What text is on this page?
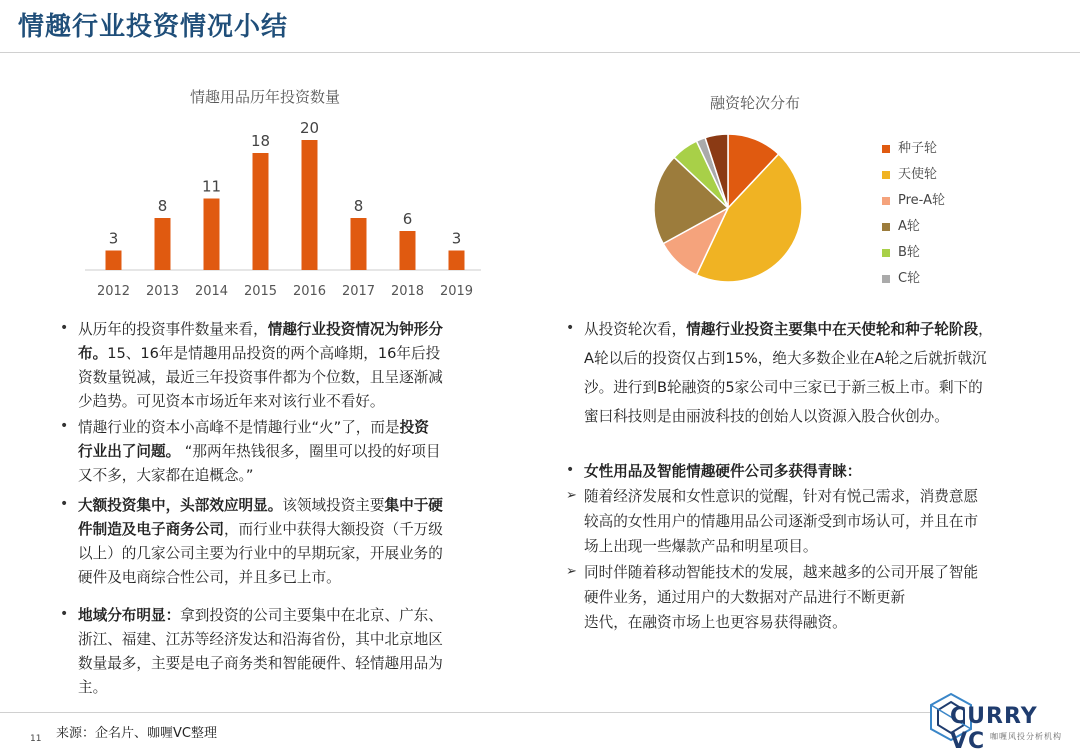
情趣行业投资情况小结
情趣用品历年投资数量
3
2012
8
2013
11
2014
18
2015
20
2016
8
2017
6
2018
3
2019
融资轮次分布
种子轮
天使轮
Pre-A轮
A轮
B轮
C轮
• 从历年的投资事件数量来看，情趣行业投资情况为钟形分
布。15、16年是情趣用品投资的两个高峰期，16年后投
资数量锐减，最近三年投资事件都为个位数，且呈逐渐减
少趋势。可见资本市场近年来对该行业不看好。
• 情趣行业的资本小高峰不是情趣行业“火”了，而是投资
行业出了问题。 “那两年热钱很多，圈里可以投的好项目
又不多，大家都在追概念。”
• 大额投资集中，头部效应明显。该领域投资主要集中于硬
件制造及电子商务公司，而行业中获得大额投资（千万级
以上）的几家公司主要为行业中的早期玩家，开展业务的
硬件及电商综合性公司，并且多已上市。
• 地域分布明显：拿到投资的公司主要集中在北京、广东、
浙江、福建、江苏等经济发达和沿海省份，其中北京地区
数量最多，主要是电子商务类和智能硬件、轻情趣用品为
主。
• 从投资轮次看，情趣行业投资主要集中在天使轮和种子轮阶段，
A轮以后的投资仅占到15%，绝大多数企业在A轮之后就折戟沉
沙。进行到B轮融资的5家公司中三家已于新三板上市。剩下的
蜜曰科技则是由丽波科技的创始人以资源入股合伙创办。
• 女性用品及智能情趣硬件公司多获得青睐：
➢ 随着经济发展和女性意识的觉醒，针对有悦己需求，消费意愿
较高的女性用户的情趣用品公司逐渐受到市场认可，并且在市
场上出现一些爆款产品和明星项目。
➢ 同时伴随着移动智能技术的发展，越来越多的公司开展了智能
硬件业务，通过用户的大数据对产品进行不断更新
迭代，在融资市场上也更容易获得融资。
来源：企名片、咖喱VC整理
11
CURRY VC 咖喱风投分析机构
